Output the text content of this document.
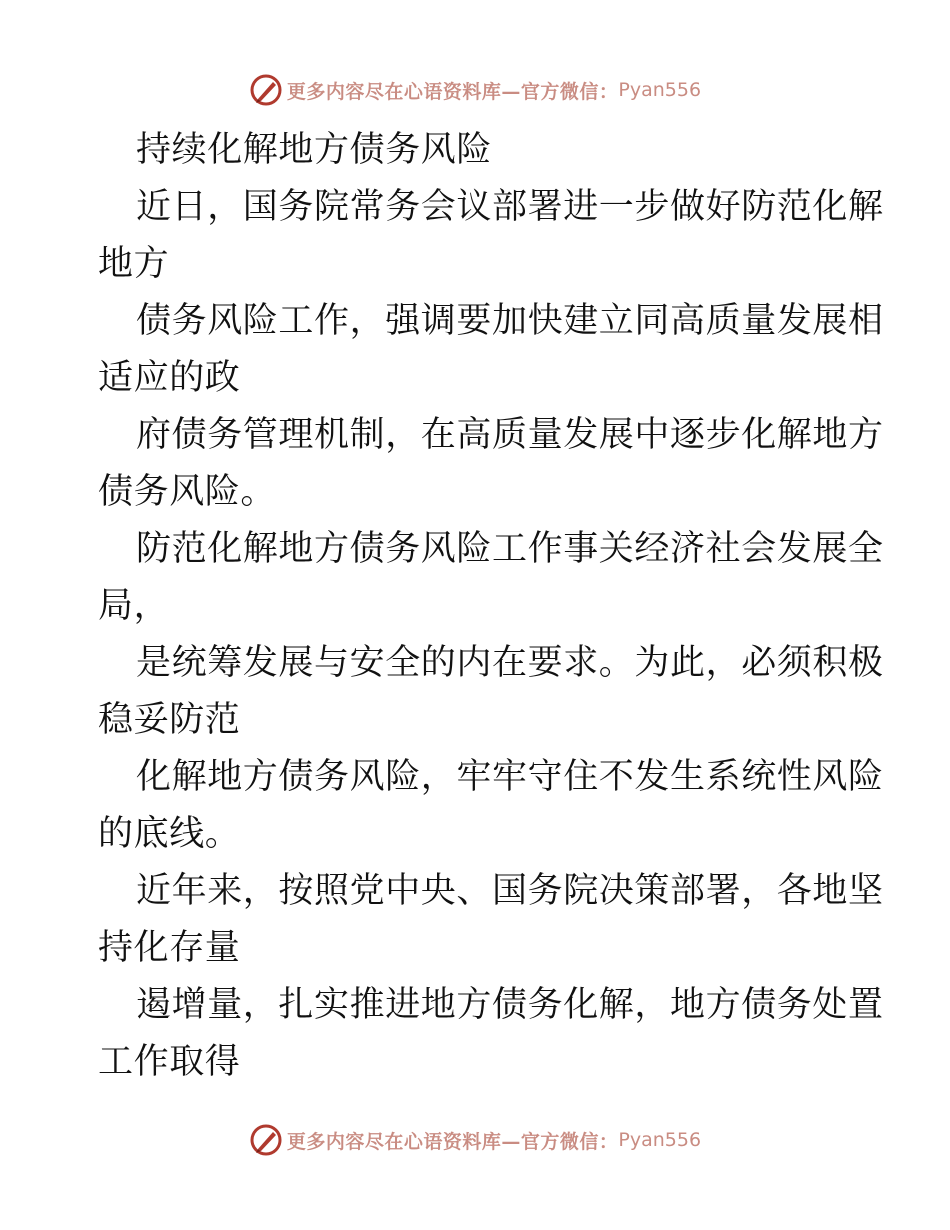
更多内容尽在心语资料库—官方微信： Pyan556
持续化解地方债务风险
近日，国务院常务会议部署进一步做好防范化解
地方
债务风险工作，强调要加快建立同高质量发展相
适应的政
府债务管理机制，在高质量发展中逐步化解地方
债务风险。
防范化解地方债务风险工作事关经济社会发展全
局，
是统筹发展与安全的内在要求。为此，必须积极
稳妥防范
化解地方债务风险，牢牢守住不发生系统性风险
的底线。
近年来，按照党中央、国务院决策部署，各地坚
持化存量
遏增量，扎实推进地方债务化解，地方债务处置
工作取得
更多内容尽在心语资料库—官方微信： Pyan556
